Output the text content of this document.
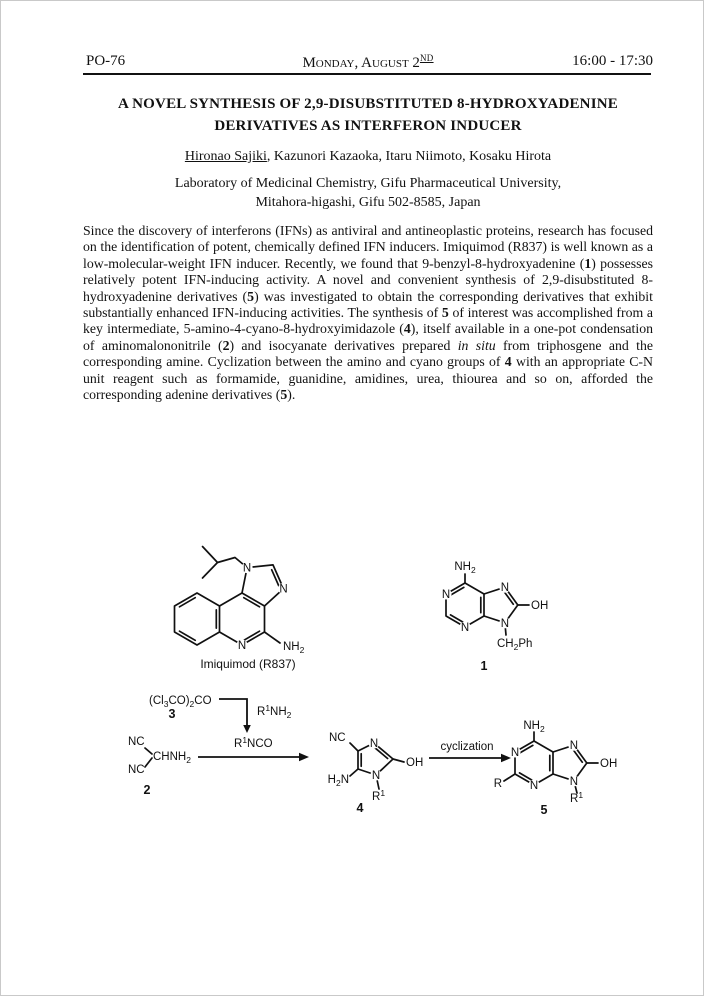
PO-76	Monday, August 2ND	16:00 - 17:30
A NOVEL SYNTHESIS OF 2,9-DISUBSTITUTED 8-HYDROXYADENINE
DERIVATIVES AS INTERFERON INDUCER

Hironao Sajiki, Kazunori Kazaoka, Itaru Niimoto, Kosaku Hirota

Laboratory of Medicinal Chemistry, Gifu Pharmaceutical University,
Mitahora-higashi, Gifu 502-8585, Japan

Since the discovery of interferons (IFNs) as antiviral and antineoplastic proteins, research has focused on the identification of potent, chemically defined IFN inducers. Imiquimod (R837) is well known as a low-molecular-weight IFN inducer. Recently, we found that 9-benzyl-8-hydroxyadenine (1) possesses relatively potent IFN-inducing activity. A novel and convenient synthesis of 2,9-disubstituted 8-hydroxyadenine derivatives (5) was investigated to obtain the corresponding derivatives that exhibit substantially enhanced IFN-inducing activities. The synthesis of 5 of interest was accomplished from a key intermediate, 5-amino-4-cyano-8-hydroxyimidazole (4), itself available in a one-pot condensation of aminomalononitrile (2) and isocyanate derivatives prepared in situ from triphosgene and the corresponding amine. Cyclization between the amino and cyano groups of 4 with an appropriate C-N unit reagent such as formamide, guanidine, amidines, urea, thiourea and so on, afforded the corresponding adenine derivatives (5).

N
N
N	$NH_2$
Imiquimod (R837)
N
N
N
N
$NH_2$
OH
$CH_2Ph$
1
$(Cl_3CO)_2CO$
3	$R^1NH_2$
$R^1NCO$
NC
NC
$CHNH_2$
2
N
N
NC
OH
$H_2N$
$R^1$
4
cyclization N
N
N
N
$NH_2$
R
OH
$R^1$
5
